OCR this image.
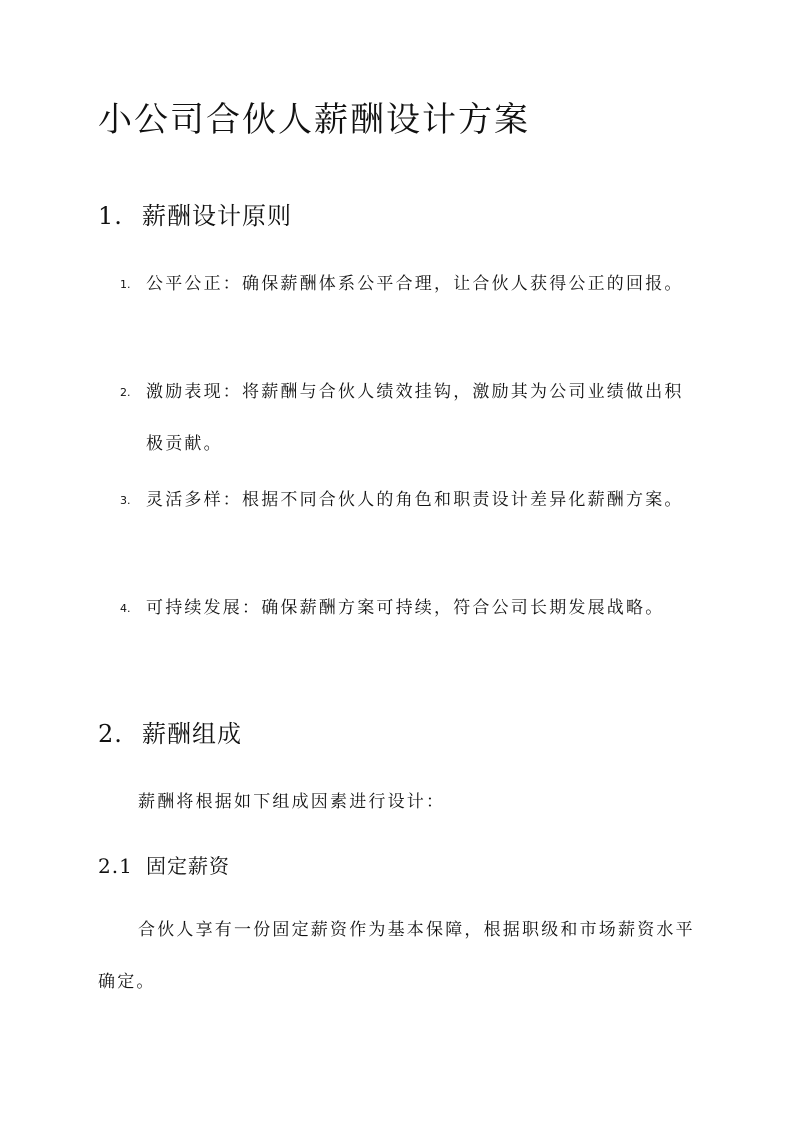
小公司合伙人薪酬设计方案
1. 薪酬设计原则
1. 公平公正：确保薪酬体系公平合理，让合伙人获得公正的回报。
2. 激励表现：将薪酬与合伙人绩效挂钩，激励其为公司业绩做出积极贡献。
3. 灵活多样：根据不同合伙人的角色和职责设计差异化薪酬方案。
4. 可持续发展：确保薪酬方案可持续，符合公司长期发展战略。
2. 薪酬组成

薪酬将根据如下组成因素进行设计：

2.1 固定薪资

合伙人享有一份固定薪资作为基本保障，根据职级和市场薪资水平确定。
